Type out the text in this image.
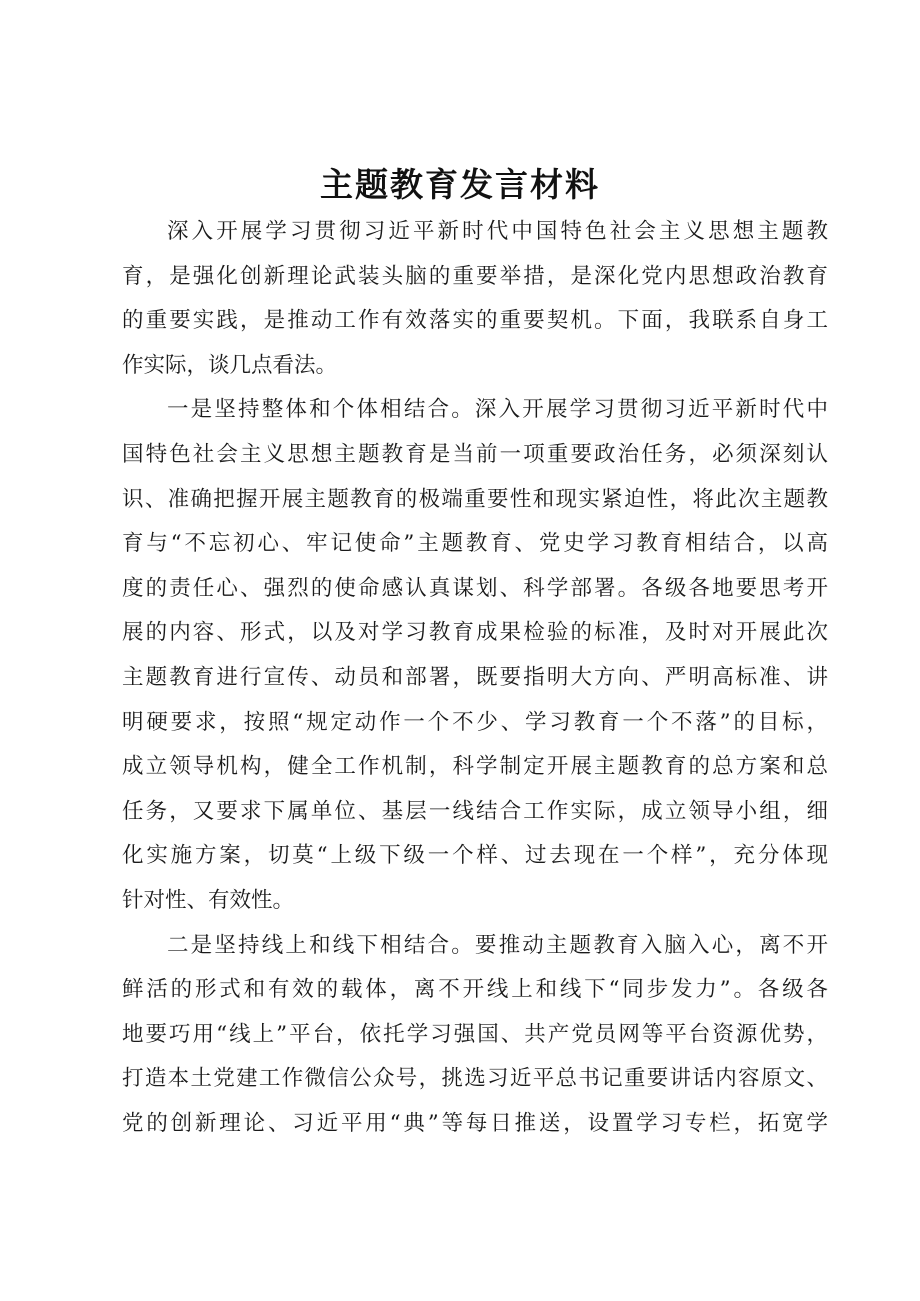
主题教育发言材料
深入开展学习贯彻习近平新时代中国特色社会主义思想主题教
育，是强化创新理论武装头脑的重要举措，是深化党内思想政治教育
的重要实践，是推动工作有效落实的重要契机。下面，我联系自身工
作实际，谈几点看法。
一是坚持整体和个体相结合。深入开展学习贯彻习近平新时代中
国特色社会主义思想主题教育是当前一项重要政治任务，必须深刻认
识、准确把握开展主题教育的极端重要性和现实紧迫性，将此次主题教
育与“不忘初心、牢记使命”主题教育、党史学习教育相结合，以高
度的责任心、强烈的使命感认真谋划、科学部署。各级各地要思考开
展的内容、形式，以及对学习教育成果检验的标准，及时对开展此次
主题教育进行宣传、动员和部署，既要指明大方向、严明高标准、讲
明硬要求，按照“规定动作一个不少、学习教育一个不落”的目标，
成立领导机构，健全工作机制，科学制定开展主题教育的总方案和总
任务，又要求下属单位、基层一线结合工作实际，成立领导小组，细
化实施方案，切莫“上级下级一个样、过去现在一个样”，充分体现
针对性、有效性。
二是坚持线上和线下相结合。要推动主题教育入脑入心，离不开
鲜活的形式和有效的载体，离不开线上和线下“同步发力”。各级各
地要巧用“线上”平台，依托学习强国、共产党员网等平台资源优势，
打造本土党建工作微信公众号，挑选习近平总书记重要讲话内容原文、
党的创新理论、习近平用“典”等每日推送，设置学习专栏，拓宽学
